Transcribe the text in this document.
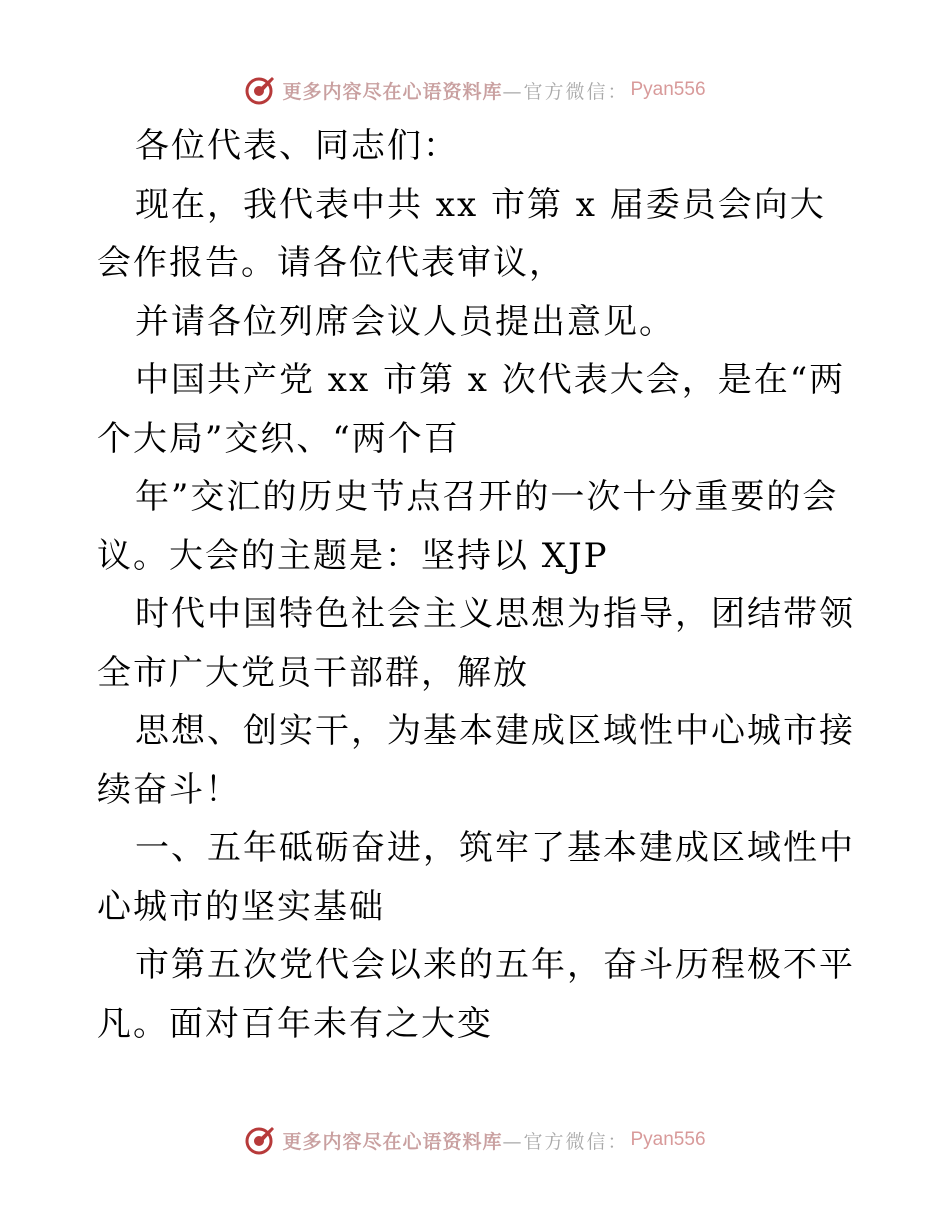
更多内容尽在心语资料库 —官方微信： Pyan556

各位代表、同志们：

现在，我代表中共 xx 市第 x 届委员会向大会作报告。请各位代表审议，

并请各位列席会议人员提出意见。

中国共产党 xx 市第 x 次代表大会，是在“两个大局”交织、“两个百

年”交汇的历史节点召开的一次十分重要的会议。大会的主题是：坚持以 XJP

时代中国特色社会主义思想为指导，团结带领全市广大党员干部群，解放

思想、创实干，为基本建成区域性中心城市接续奋斗！

一、五年砥砺奋进，筑牢了基本建成区域性中心城市的坚实基础

市第五次党代会以来的五年，奋斗历程极不平凡。面对百年未有之大变

更多内容尽在心语资料库 —官方微信： Pyan556
